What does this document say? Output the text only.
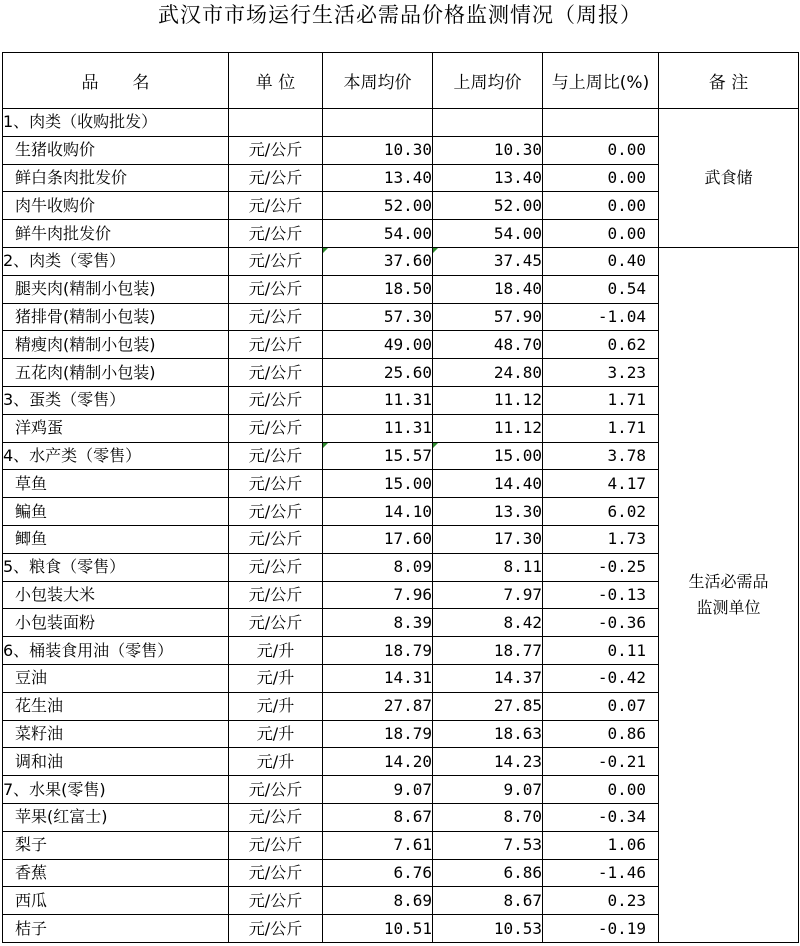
武汉市市场运行生活必需品价格监测情况（周报）
品　　名	单 位	本周均价	上周均价	与上周比(%)	备 注
1、肉类（收购批发）					武食储
生猪收购价	元/公斤	10.30	10.30	0.00	
鲜白条肉批发价	元/公斤	13.40	13.40	0.00	
肉牛收购价	元/公斤	52.00	52.00	0.00	
鲜牛肉批发价	元/公斤	54.00	54.00	0.00	
2、肉类（零售）	元/公斤	37.60	37.45	0.40	生活必需品
监测单位

腿夹肉(精制小包装)	元/公斤	18.50	18.40	0.54	
猪排骨(精制小包装)	元/公斤	57.30	57.90	-1.04	
精瘦肉(精制小包装)	元/公斤	49.00	48.70	0.62	
五花肉(精制小包装)	元/公斤	25.60	24.80	3.23	
3、蛋类（零售）	元/公斤	11.31	11.12	1.71	
洋鸡蛋	元/公斤	11.31	11.12	1.71	
4、水产类（零售）	元/公斤	15.57	15.00	3.78	
草鱼	元/公斤	15.00	14.40	4.17	
鳊鱼	元/公斤	14.10	13.30	6.02	
鲫鱼	元/公斤	17.60	17.30	1.73	
5、粮食（零售）	元/公斤	8.09	8.11	-0.25	
小包装大米	元/公斤	7.96	7.97	-0.13	
小包装面粉	元/公斤	8.39	8.42	-0.36	
6、桶装食用油（零售）	元/升	18.79	18.77	0.11	
豆油	元/升	14.31	14.37	-0.42	
花生油	元/升	27.87	27.85	0.07	
菜籽油	元/升	18.79	18.63	0.86	
调和油	元/升	14.20	14.23	-0.21	
7、水果(零售)	元/公斤	9.07	9.07	0.00	
苹果(红富士)	元/公斤	8.67	8.70	-0.34	
梨子	元/公斤	7.61	7.53	1.06	
香蕉	元/公斤	6.76	6.86	-1.46	
西瓜	元/公斤	8.69	8.67	0.23	
桔子	元/公斤	10.51	10.53	-0.19	
